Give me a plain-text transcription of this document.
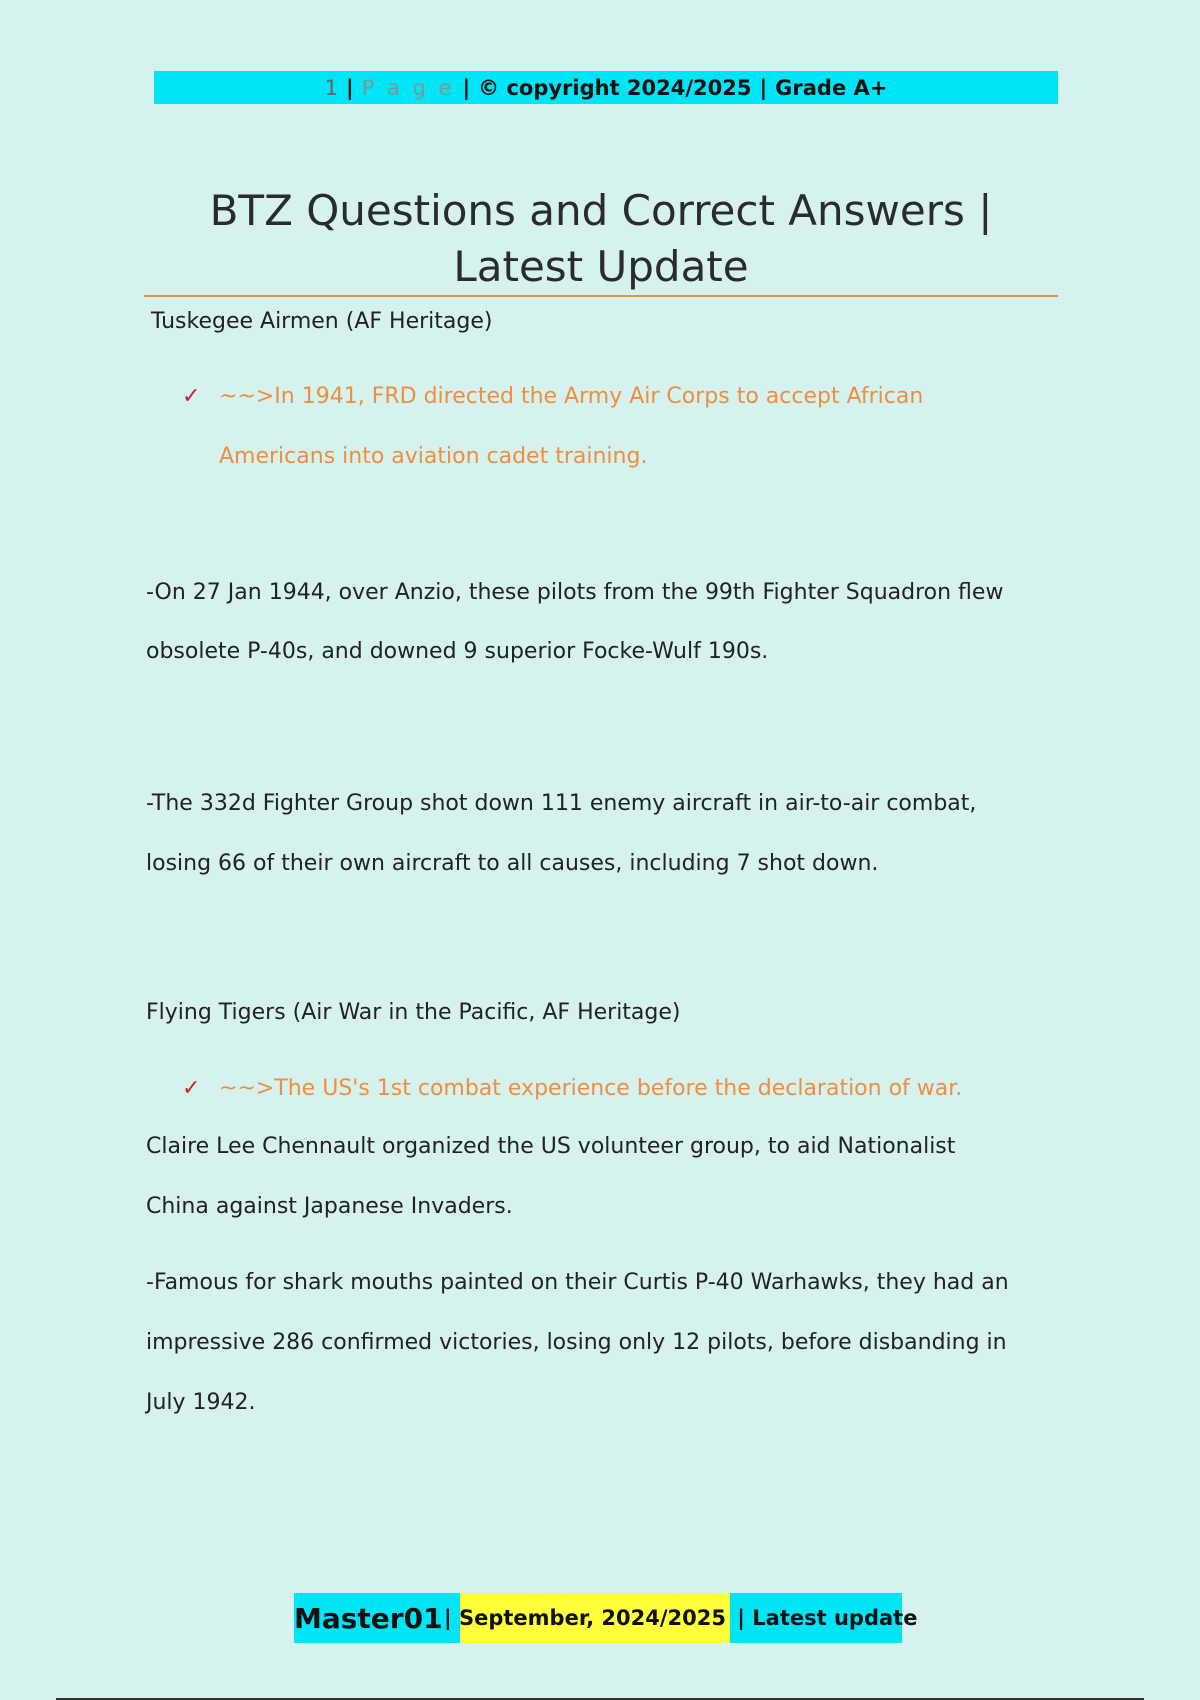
1 | P a g e | © copyright 2024/2025 | Grade A+
BTZ Questions and Correct Answers |
Latest Update
Tuskegee Airmen (AF Heritage)
✓ ~~>In 1941, FRD directed the Army Air Corps to accept African
Americans into aviation cadet training.
-On 27 Jan 1944, over Anzio, these pilots from the 99th Fighter Squadron flew
obsolete P-40s, and downed 9 superior Focke-Wulf 190s.
-The 332d Fighter Group shot down 111 enemy aircraft in air-to-air combat,
losing 66 of their own aircraft to all causes, including 7 shot down.
Flying Tigers (Air War in the Pacific, AF Heritage)
✓ ~~>The US's 1st combat experience before the declaration of war.
Claire Lee Chennault organized the US volunteer group, to aid Nationalist
China against Japanese Invaders.
-Famous for shark mouths painted on their Curtis P-40 Warhawks, they had an
impressive 286 confirmed victories, losing only 12 pilots, before disbanding in
July 1942.
Master01 | September, 2024/2025 | Latest update
